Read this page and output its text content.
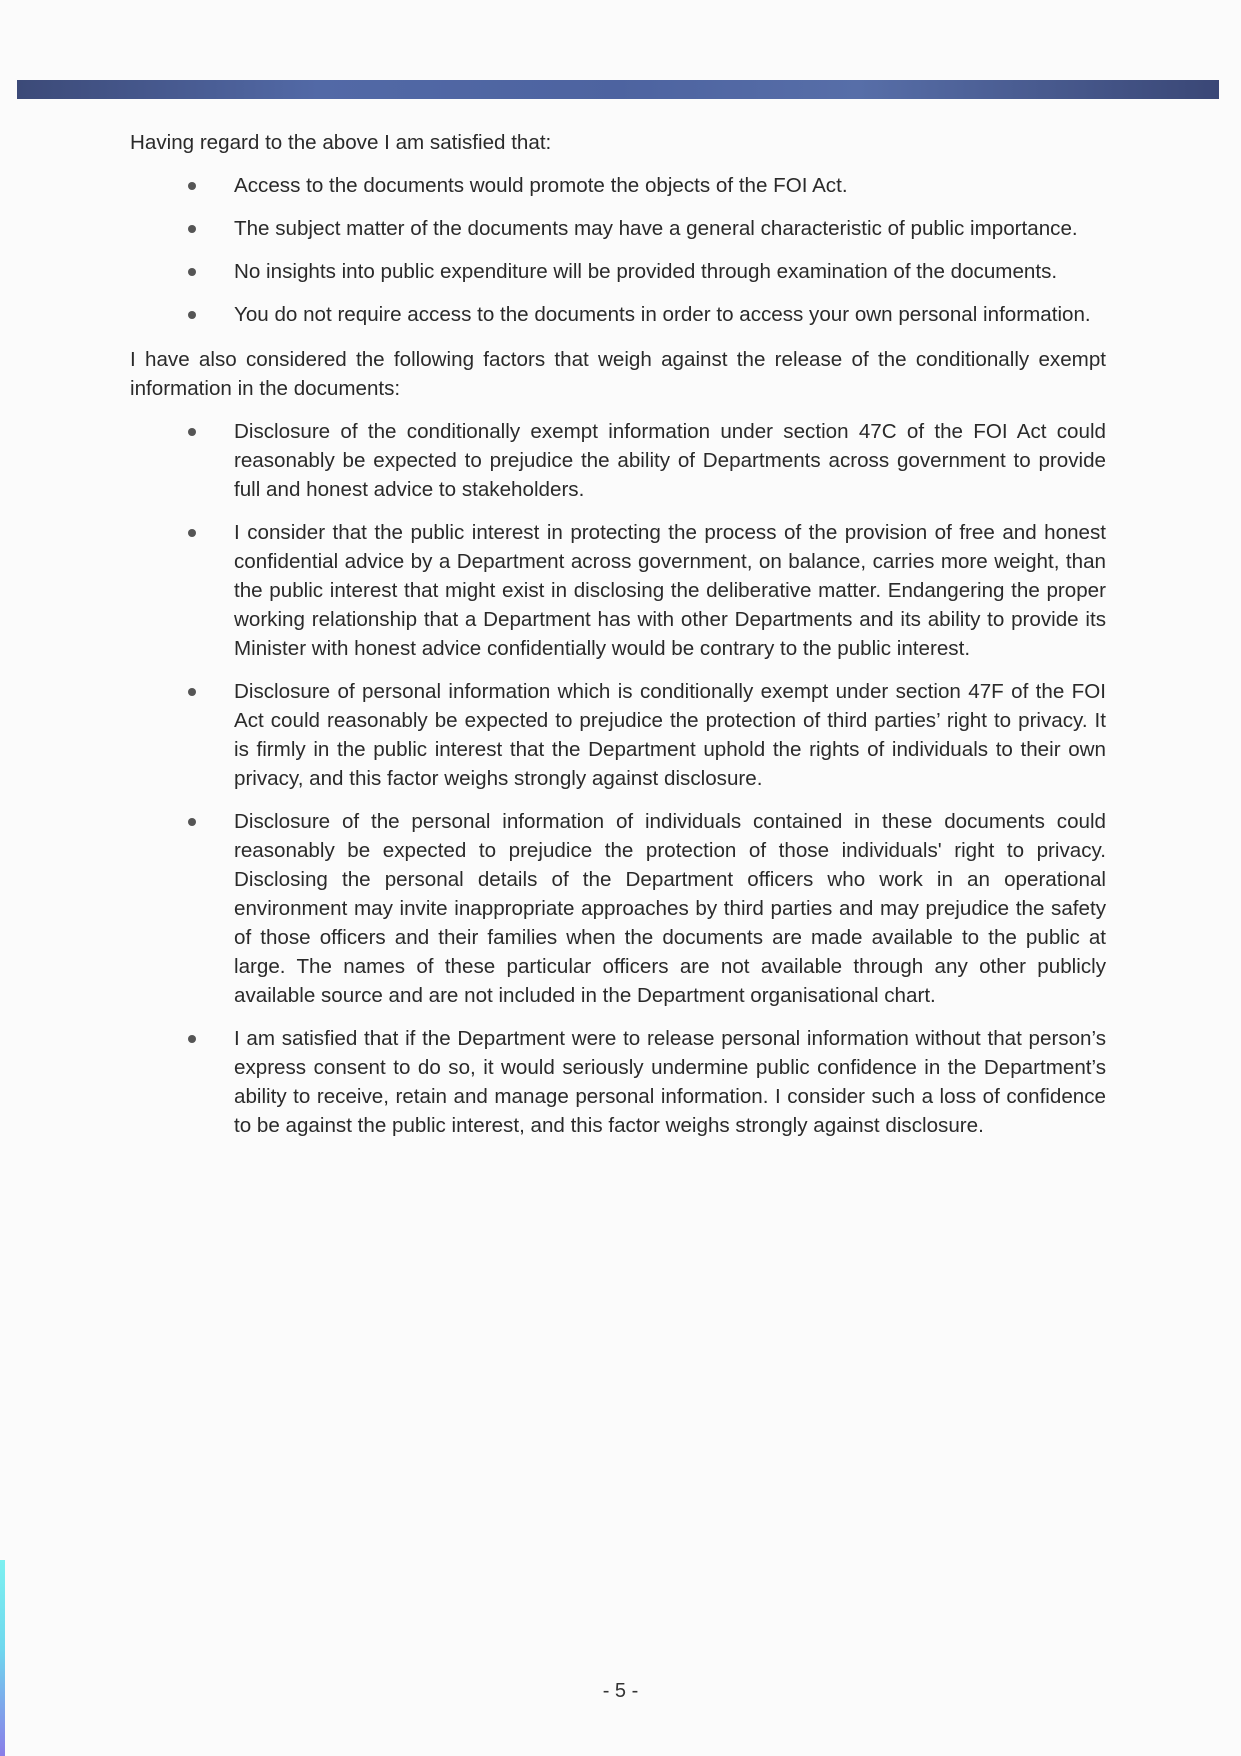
Having regard to the above I am satisfied that:

Access to the documents would promote the objects of the FOI Act.
The subject matter of the documents may have a general characteristic of public importance.
No insights into public expenditure will be provided through examination of the documents.
You do not require access to the documents in order to access your own personal information.

I have also considered the following factors that weigh against the release of the conditionally exempt information in the documents:

Disclosure of the conditionally exempt information under section 47C of the FOI Act could reasonably be expected to prejudice the ability of Departments across government to provide full and honest advice to stakeholders.
I consider that the public interest in protecting the process of the provision of free and honest confidential advice by a Department across government, on balance, carries more weight, than the public interest that might exist in disclosing the deliberative matter. Endangering the proper working relationship that a Department has with other Departments and its ability to provide its Minister with honest advice confidentially would be contrary to the public interest.
Disclosure of personal information which is conditionally exempt under section 47F of the FOI Act could reasonably be expected to prejudice the protection of third parties’ right to privacy. It is firmly in the public interest that the Department uphold the rights of individuals to their own privacy, and this factor weighs strongly against disclosure.
Disclosure of the personal information of individuals contained in these documents could reasonably be expected to prejudice the protection of those individuals' right to privacy. Disclosing the personal details of the Department officers who work in an operational environment may invite inappropriate approaches by third parties and may prejudice the safety of those officers and their families when the documents are made available to the public at large. The names of these particular officers are not available through any other publicly available source and are not included in the Department organisational chart.
I am satisfied that if the Department were to release personal information without that person’s express consent to do so, it would seriously undermine public confidence in the Department’s ability to receive, retain and manage personal information. I consider such a loss of confidence to be against the public interest, and this factor weighs strongly against disclosure.
- 5 -
